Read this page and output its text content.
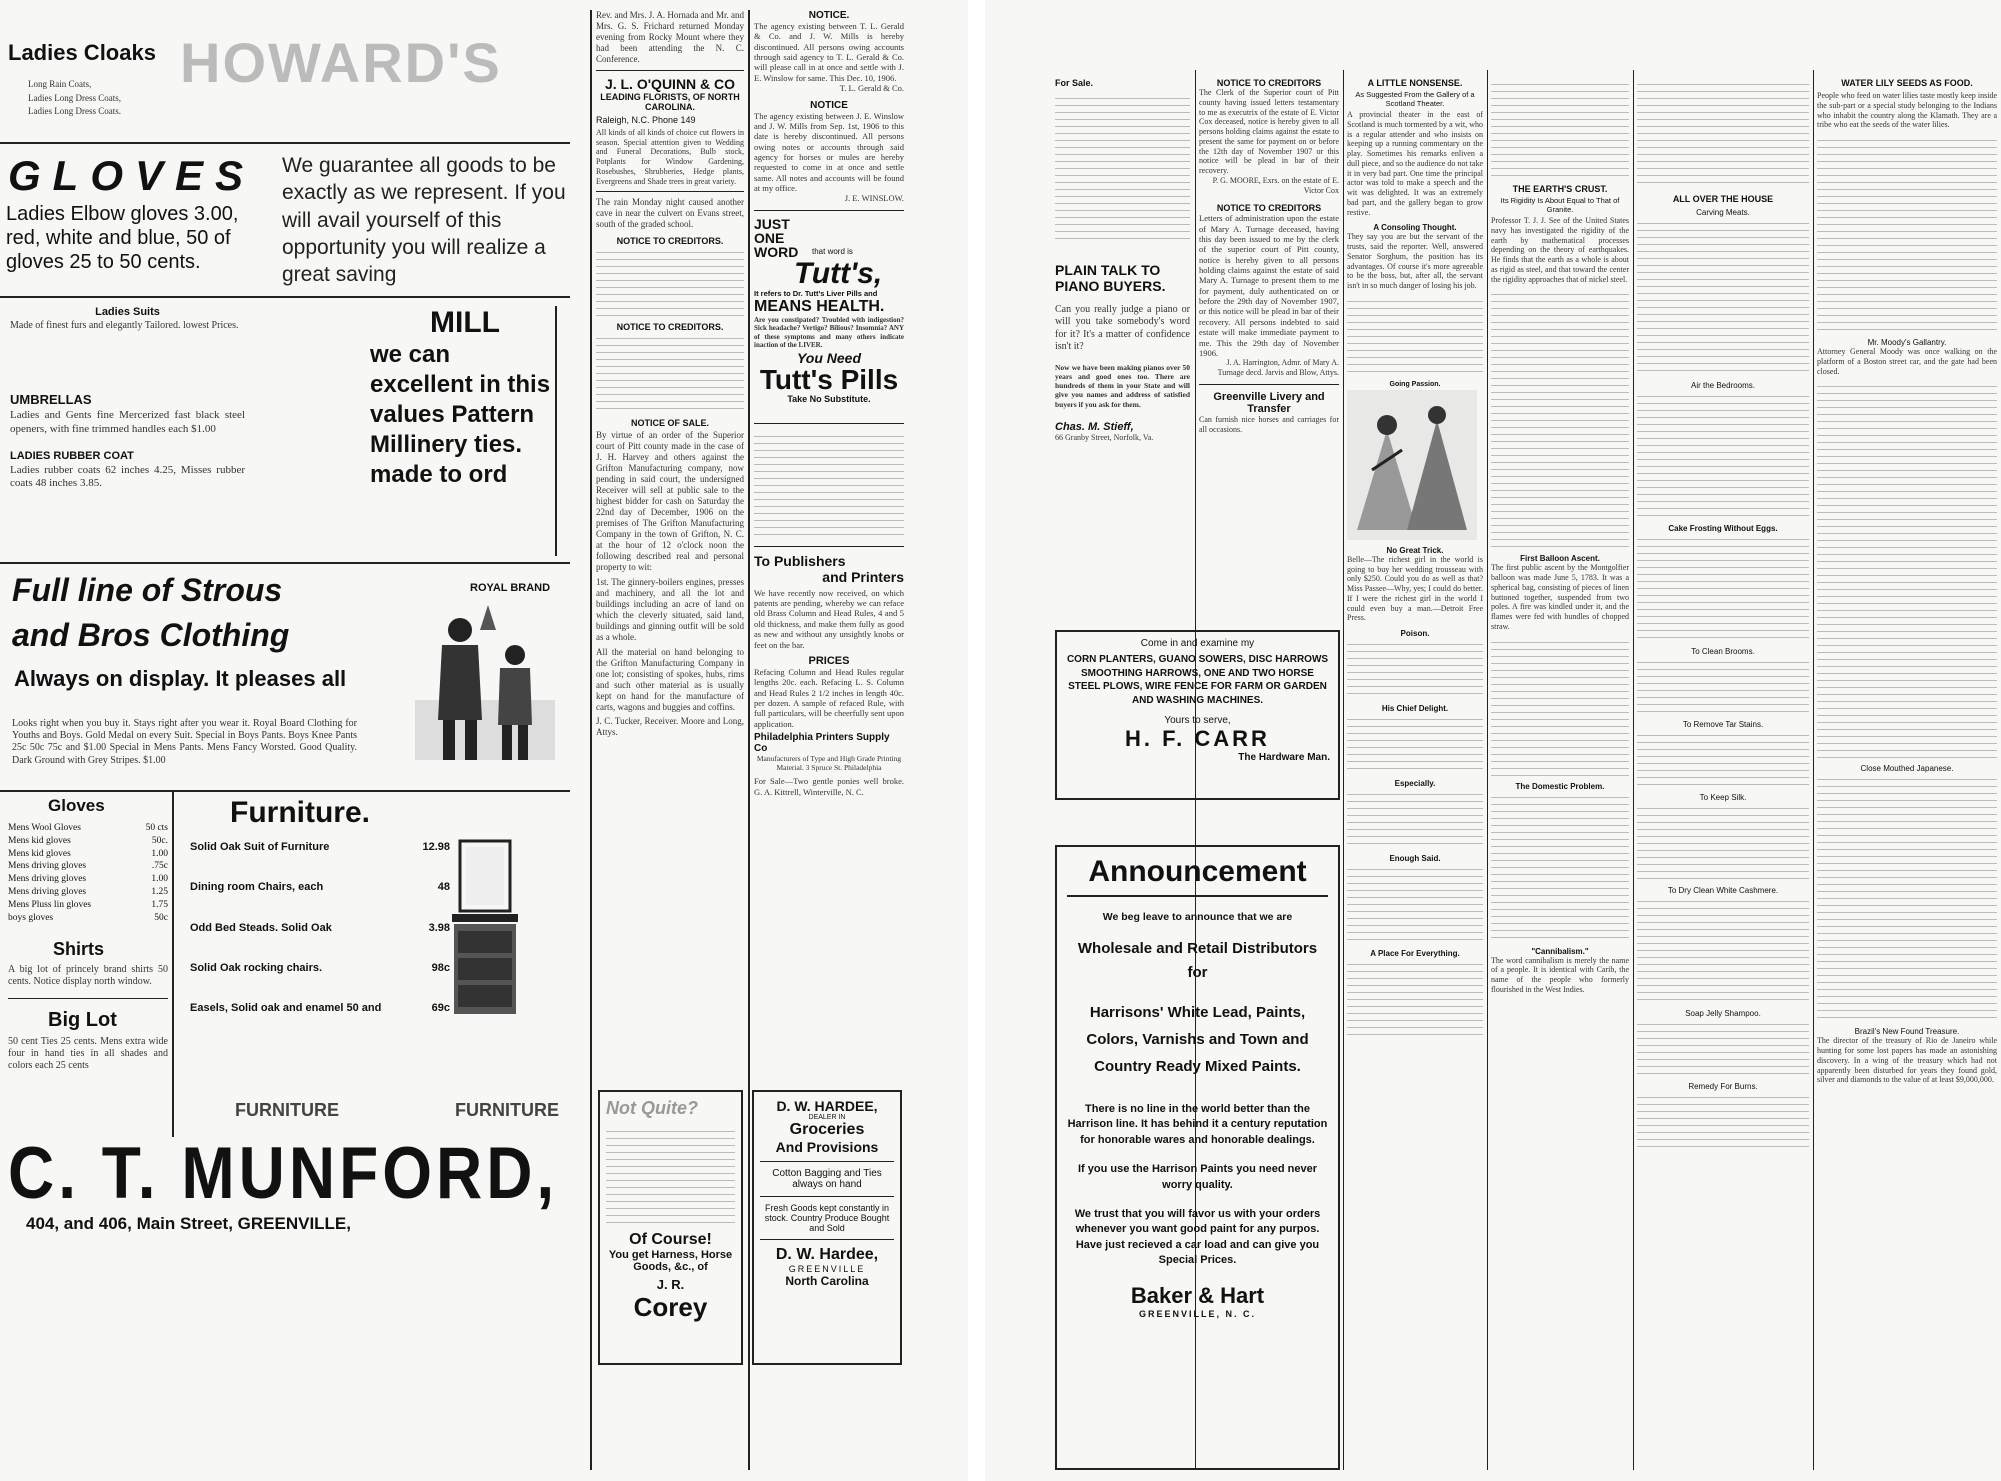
Ladies Cloaks
Long Rain Coats,
Ladies Long Dress Coats,
Ladies Long Dress Coats.
HOWARD'S
GLOVES
Ladies Elbow gloves 3.00, red, white and blue, 50 of gloves 25 to 50 cents.
We guarantee all goods to be exactly as we represent. If you will avail yourself of this opportunity you will realize a great saving
Ladies Suits
Made of finest furs and elegantly Tailored. lowest Prices.
UMBRELLAS
Ladies and Gents fine Mercerized fast black steel openers, with fine trimmed handles each $1.00
LADIES RUBBER COAT
Ladies rubber coats 62 inches 4.25, Misses rubber coats 48 inches 3.85.
MILL
we can excellent in this values Pattern Millinery ties. made to ord
Full line of Strous
and Bros Clothing
Always on display. It pleases all
ROYAL BRAND
Looks right when you buy it. Stays right after you wear it. Royal Board Clothing for Youths and Boys. Gold Medal on every Suit. Special in Boys Pants. Boys Knee Pants 25c 50c 75c and $1.00 Special in Mens Pants. Mens Fancy Worsted. Good Quality. Dark Ground with Grey Stripes. $1.00
Gloves
Mens Wool Gloves	50 cts
Mens kid gloves	50c.
Mens kid gloves	1.00
Mens driving gloves	.75c
Mens driving gloves	1.00
Mens driving gloves	1.25
Mens Pluss lin gloves	1.75
boys gloves	50c
Shirts
A big lot of princely brand shirts 50 cents. Notice display north window.
Big Lot
50 cent Ties 25 cents. Mens extra wide four in hand ties in all shades and colors each 25 cents
Furniture.
Solid Oak Suit of Furniture	12.98
Dining room Chairs, each	48
Odd Bed Steads. Solid Oak	3.98
Solid Oak rocking chairs.	98c
Easels, Solid oak and enamel 50 and	69c
FURNITURE	FURNITURE
C. T. MUNFORD,
404, and 406, Main Street, GREENVILLE,
Rev. and Mrs. J. A. Hornada and Mr. and Mrs. G. S. Frichard returned Monday evening from Rocky Mount where they had been attending the N. C. Conference.
J. L. O'QUINN & CO
LEADING FLORISTS, OF NORTH CAROLINA.
Raleigh, N.C. Phone 149
All kinds of all kinds of choice cut flowers in season. Special attention given to Wedding and Funeral Decorations, Bulb stock, Potplants for Window Gardening, Rosebushes, Shrubberies, Hedge plants, Evergreens and Shade trees in great variety.
The rain Monday night caused another cave in near the culvert on Evans street, south of the graded school.
NOTICE TO CREDITORS.
NOTICE TO CREDITORS.
NOTICE OF SALE.
By virtue of an order of the Superior court of Pitt county made in the case of J. H. Harvey and others against the Grifton Manufacturing company, now pending in said court, the undersigned Receiver will sell at public sale to the highest bidder for cash on Saturday the 22nd day of December, 1906 on the premises of The Grifton Manufacturing Company in the town of Grifton, N. C. at the hour of 12 o'clock noon the following described real and personal property to wit:
1st. The ginnery-boilers engines, presses and machinery, and all the lot and buildings including an acre of land on which the cleverly situated, said land, buildings and ginning outfit will be sold as a whole.
All the material on hand belonging to the Grifton Manufacturing Company in one lot; consisting of spokes, hubs, rims and such other material as is usually kept on hand for the manufacture of carts, wagons and buggies and coffins.
J. C. Tucker, Receiver. Moore and Long, Attys.
NOTICE.
The agency existing between T. L. Gerald & Co. and J. W. Mills is hereby discontinued. All persons owing accounts through said agency to T. L. Gerald & Co. will please call in at once and settle with J. E. Winslow for same. This Dec. 10, 1906.
T. L. Gerald & Co.
NOTICE
The agency existing between J. E. Winslow and J. W. Mills from Sep. 1st, 1906 to this date is hereby discontinued. All persons owing notes or accounts through said agency for horses or mules are hereby requested to come in at once and settle same. All notes and accounts will be found at my office.
J. E. WINSLOW.
JUST
ONE
WORD	that word is
Tutt's,
It refers to Dr. Tutt's Liver Pills and
MEANS HEALTH.
Are you constipated? Troubled with indigestion? Sick headache? Vertigo? Bilious? Insomnia? ANY of these symptoms and many others indicate inaction of the LIVER.
You Need
Tutt's Pills
Take No Substitute.
To Publishers
and Printers
We have recently now received, on which patents are pending, whereby we can reface old Brass Column and Head Rules, 4 and 5 old thickness, and make them fully as good as new and without any unsightly knobs or feet on the bar.
PRICES
Refacing Column and Head Rules regular lengths 20c. each. Refacing L. S. Column and Head Rules 2 1/2 inches in length 40c. per dozen. A sample of refaced Rule, with full particulars, will be cheerfully sent upon application.
Philadelphia Printers Supply Co
Manufacturers of Type and High Grade Printing Material. 3 Spruce St. Philadelphia
For Sale—Two gentle ponies well broke. G. A. Kittrell, Winterville, N. C.
Not Quite?
Of Course!
You get Harness, Horse Goods, &c., of
J. R.
Corey
D. W. HARDEE,
DEALER IN
Groceries
And Provisions
Cotton Bagging and Ties always on hand
Fresh Goods kept constantly in stock. Country Produce Bought and Sold
D. W. Hardee,
GREENVILLE
North Carolina
For Sale.
PLAIN TALK TO PIANO BUYERS.
Can you really judge a piano or will you take somebody's word for it? It's a matter of confidence isn't it?
Now we have been making pianos over 50 years and good ones too. There are hundreds of them in your State and will give you names and address of satisfied buyers if you ask for them.
Chas. M. Stieff,
66 Granby Street, Norfolk, Va.
NOTICE TO CREDITORS
The Clerk of the Superior court of Pitt county having issued letters testamentary to me as executrix of the estate of E. Victor Cox deceased, notice is hereby given to all persons holding claims against the estate to present the same for payment on or before the 12th day of November 1907 or this notice will be plead in bar of their recovery.
P. G. MOORE, Exrs. on the estate of E. Victor Cox
NOTICE TO CREDITORS
Letters of administration upon the estate of Mary A. Turnage deceased, having this day been issued to me by the clerk of the superior court of Pitt county, notice is hereby given to all persons holding claims against the estate of said Mary A. Turnage to present them to me for payment, duly authenticated on or before the 29th day of November 1907, or this notice will be plead in bar of their recovery. All persons indebted to said estate will make immediate payment to me. This the 29th day of November 1906.
J. A. Harrington, Admr. of Mary A. Turnage decd. Jarvis and Blow, Attys.
Greenville Livery and Transfer
Can furnish nice horses and carriages for all occasions.
Come in and examine my
CORN PLANTERS, GUANO SOWERS, DISC HARROWS SMOOTHING HARROWS, ONE AND TWO HORSE STEEL PLOWS, WIRE FENCE FOR FARM OR GARDEN AND WASHING MACHINES.
Yours to serve,
H. F. CARR
The Hardware Man.
Announcement
We beg leave to announce that we are
Wholesale and Retail Distributors for
Harrisons' White Lead, Paints, Colors, Varnishs and Town and Country Ready Mixed Paints.
There is no line in the world better than the Harrison line. It has behind it a century reputation for honorable wares and honorable dealings.
If you use the Harrison Paints you need never worry quality.
We trust that you will favor us with your orders whenever you want good paint for any purpos. Have just recieved a car load and can give you Special Prices.
Baker & Hart
GREENVILLE, N. C.
A LITTLE NONSENSE.
As Suggested From the Gallery of a Scotland Theater.
A provincial theater in the east of Scotland is much tormented by a wit, who is a regular attender and who insists on keeping up a running commentary on the play. Sometimes his remarks enliven a dull piece, and so the audience do not take it in very bad part. One time the principal actor was told to make a speech and the wit was delighted. It was an extremely bad part, and the gallery began to grow restive.
A Consoling Thought.
They say you are but the servant of the trusts, said the reporter. Well, answered Senator Sorghum, the position has its advantages. Of course it's more agreeable to be the boss, but, after all, the servant isn't in so much danger of losing his job.
Going Passion.
No Great Trick.
Belle—The richest girl in the world is going to buy her wedding trousseau with only $250. Could you do as well as that? Miss Passee—Why, yes; I could do better. If I were the richest girl in the world I could even buy a man.—Detroit Free Press.
Poison.
His Chief Delight.
Especially.
Enough Said.
A Place For Everything.
THE EARTH'S CRUST.
Its Rigidity Is About Equal to That of Granite.
Professor T. J. J. See of the United States navy has investigated the rigidity of the earth by mathematical processes depending on the theory of earthquakes. He finds that the earth as a whole is about as rigid as steel, and that toward the center the rigidity approaches that of nickel steel.
First Balloon Ascent.
The first public ascent by the Montgolfier balloon was made June 5, 1783. It was a spherical bag, consisting of pieces of linen buttoned together, suspended from two poles. A fire was kindled under it, and the flames were fed with bundles of chopped straw.
The Domestic Problem.
"Cannibalism."
The word cannibalism is merely the name of a people. It is identical with Carib, the name of the people who formerly flourished in the West Indies.
ALL OVER THE HOUSE
Carving Meats.
Air the Bedrooms.
Cake Frosting Without Eggs.
To Clean Brooms.
To Remove Tar Stains.
To Keep Silk.
To Dry Clean White Cashmere.
Soap Jelly Shampoo.
Remedy For Burns.
WATER LILY SEEDS AS FOOD.
People who feed on water lilies taste mostly keep inside the sub-part or a special study belonging to the Indians who inhabit the country along the Klamath. They are a tribe who eat the seeds of the water lilies.
Mr. Moody's Gallantry.
Attorney General Moody was once walking on the platform of a Boston street car, and the gate had been closed.
Close Mouthed Japanese.
Brazil's New Found Treasure.
The director of the treasury of Rio de Janeiro while hunting for some lost papers has made an astonishing discovery. In a wing of the treasury which had not apparently been disturbed for years they found gold, silver and diamonds to the value of at least $9,000,000.
